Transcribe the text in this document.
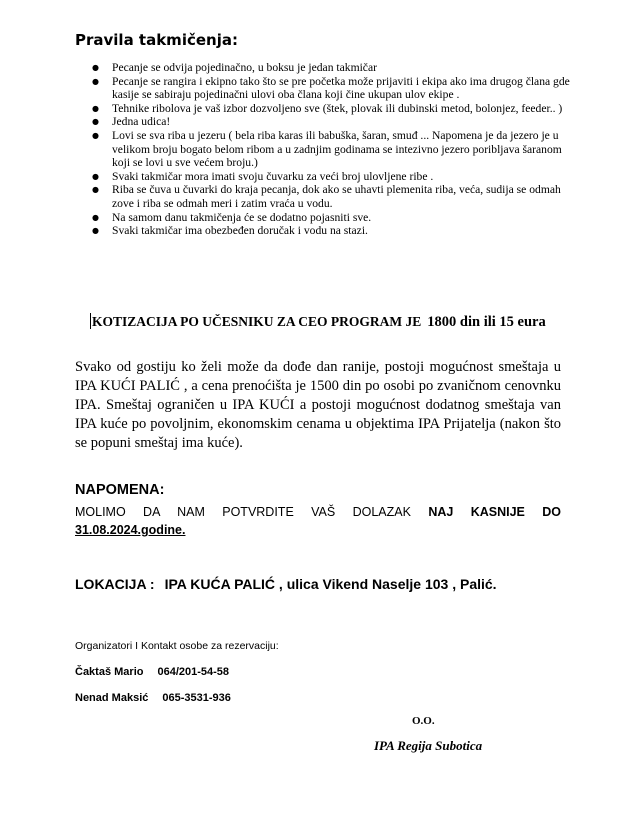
Pravila takmičenja:
● Pecanje se odvija pojedinačno, u boksu je jedan takmičar
● Pecanje se rangira i ekipno tako što se pre početka može prijaviti i ekipa ako ima drugog člana gde kasije se sabiraju pojedinačni ulovi oba člana koji čine ukupan ulov ekipe .
● Tehnike ribolova je vaš izbor dozvoljeno sve (štek, plovak ili dubinski metod, bolonjez, feeder.. )
● Jedna udica!
● Lovi se sva riba u jezeru ( bela riba karas ili babuška, šaran, smuđ ... Napomena je da jezero je u velikom broju bogato belom ribom a u zadnjim godinama se intezivno jezero poribljava šaranom koji se lovi u sve većem broju.)
● Svaki takmičar mora imati svoju čuvarku za veći broj ulovljene ribe .
● Riba se čuva u čuvarki do kraja pecanja, dok ako se uhavti plemenita riba, veća, sudija se odmah zove i riba se odmah meri i zatim vraća u vodu.
● Na samom danu takmičenja će se dodatno pojasniti sve.
● Svaki takmičar ima obezbeđen doručak i vodu na stazi.
KOTIZACIJA PO UČESNIKU ZA CEO PROGRAM JE 1800 din ili 15 eura
Svako od gostiju ko želi može da dođe dan ranije, postoji mogućnost smeštaja u IPA KUĆI PALIĆ , a cena prenoćišta je 1500 din po osobi po zvaničnom cenovnku IPA. Smeštaj ograničen u IPA KUĆI a postoji mogućnost dodatnog smeštaja van IPA kuće po povoljnim, ekonomskim cenama u objektima IPA Prijatelja (nakon što se popuni smeštaj ima kuće).
NAPOMENA:
MOLIMO DA NAM POTVRDITE VAŠ DOLAZAK NAJ KASNIJE DO
31.08.2024.godine.
LOKACIJA : IPA KUĆA PALIĆ , ulica Vikend Naselje 103 , Palić.
Organizatori I Kontakt osobe za rezervaciju:
Čaktaš Mario 064/201-54-58
Nenad Maksić 065-3531-936
O.O.
IPA Regija Subotica
